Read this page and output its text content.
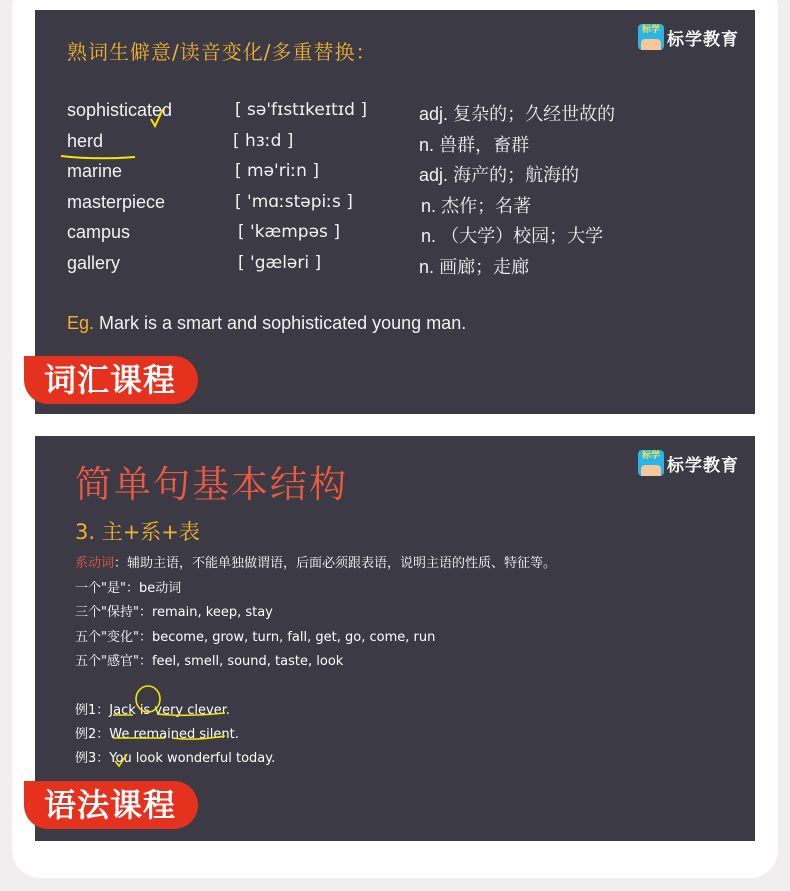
标学 标学教育
熟词生僻意/读音变化/多重替换：
sophisticated	[ sə'fɪstɪkeɪtɪd ]	adj. 复杂的；久经世故的
herd	[ hɜːd ]	n. 兽群，畜群
marine	[ mə'riːn ]	adj. 海产的；航海的
masterpiece	[ 'mɑːstəpiːs ]	n. 杰作；名著
campus	[ 'kæmpəs ]	n. （大学）校园；大学
gallery	[ 'gæləri ]	n. 画廊；走廊
Eg. Mark is a smart and sophisticated young man.
词汇课程
标学 标学教育
简单句基本结构
3. 主+系+表
系动词：辅助主语，不能单独做谓语，后面必须跟表语，说明主语的性质、特征等。
一个"是"：be动词
三个"保持"：remain, keep, stay
五个"变化"：become, grow, turn, fall, get, go, come, run
五个"感官"：feel, smell, sound, taste, look
例1：Jack is very clever.
例2：We remained silent.
例3：You look wonderful today.
语法课程
